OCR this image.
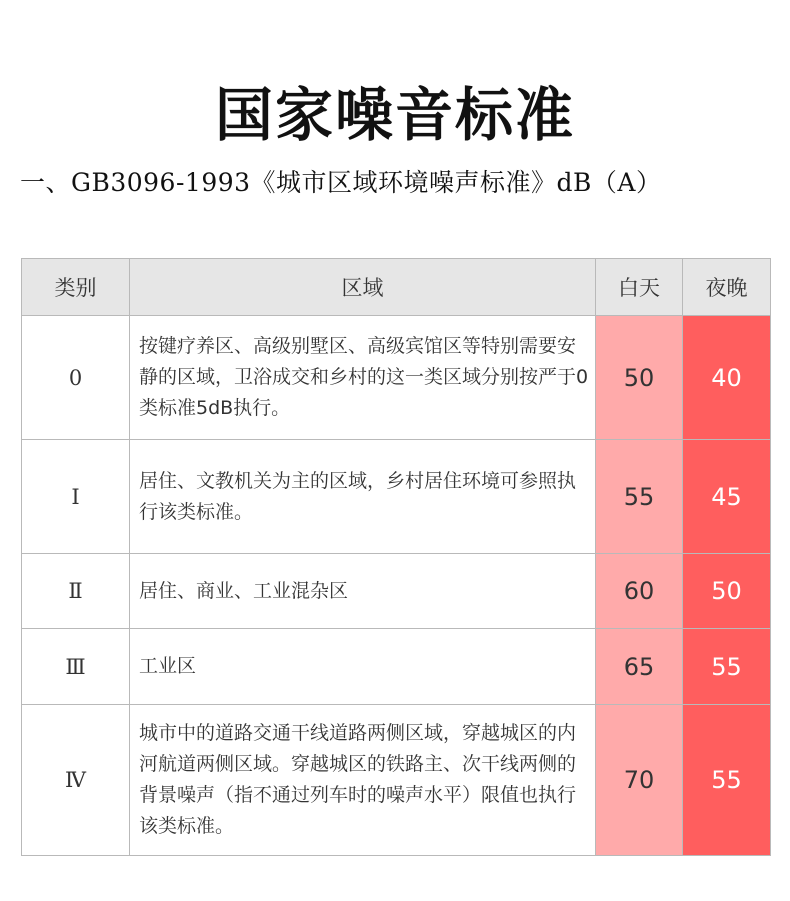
国家噪音标准
一、GB3096-1993《城市区域环境噪声标准》dB（A）
类别	区域	白天	夜晚
0	按键疗养区、高级别墅区、高级宾馆区等特别需要安静的区域，卫浴成交和乡村的这一类区域分别按严于0类标准5dB执行。	50	40
Ⅰ	居住、文教机关为主的区域，乡村居住环境可参照执行该类标准。	55	45
Ⅱ	居住、商业、工业混杂区	60	50
Ⅲ	工业区	65	55
Ⅳ	城市中的道路交通干线道路两侧区域，穿越城区的内河航道两侧区域。穿越城区的铁路主、次干线两侧的背景噪声（指不通过列车时的噪声水平）限值也执行该类标准。	70	55
